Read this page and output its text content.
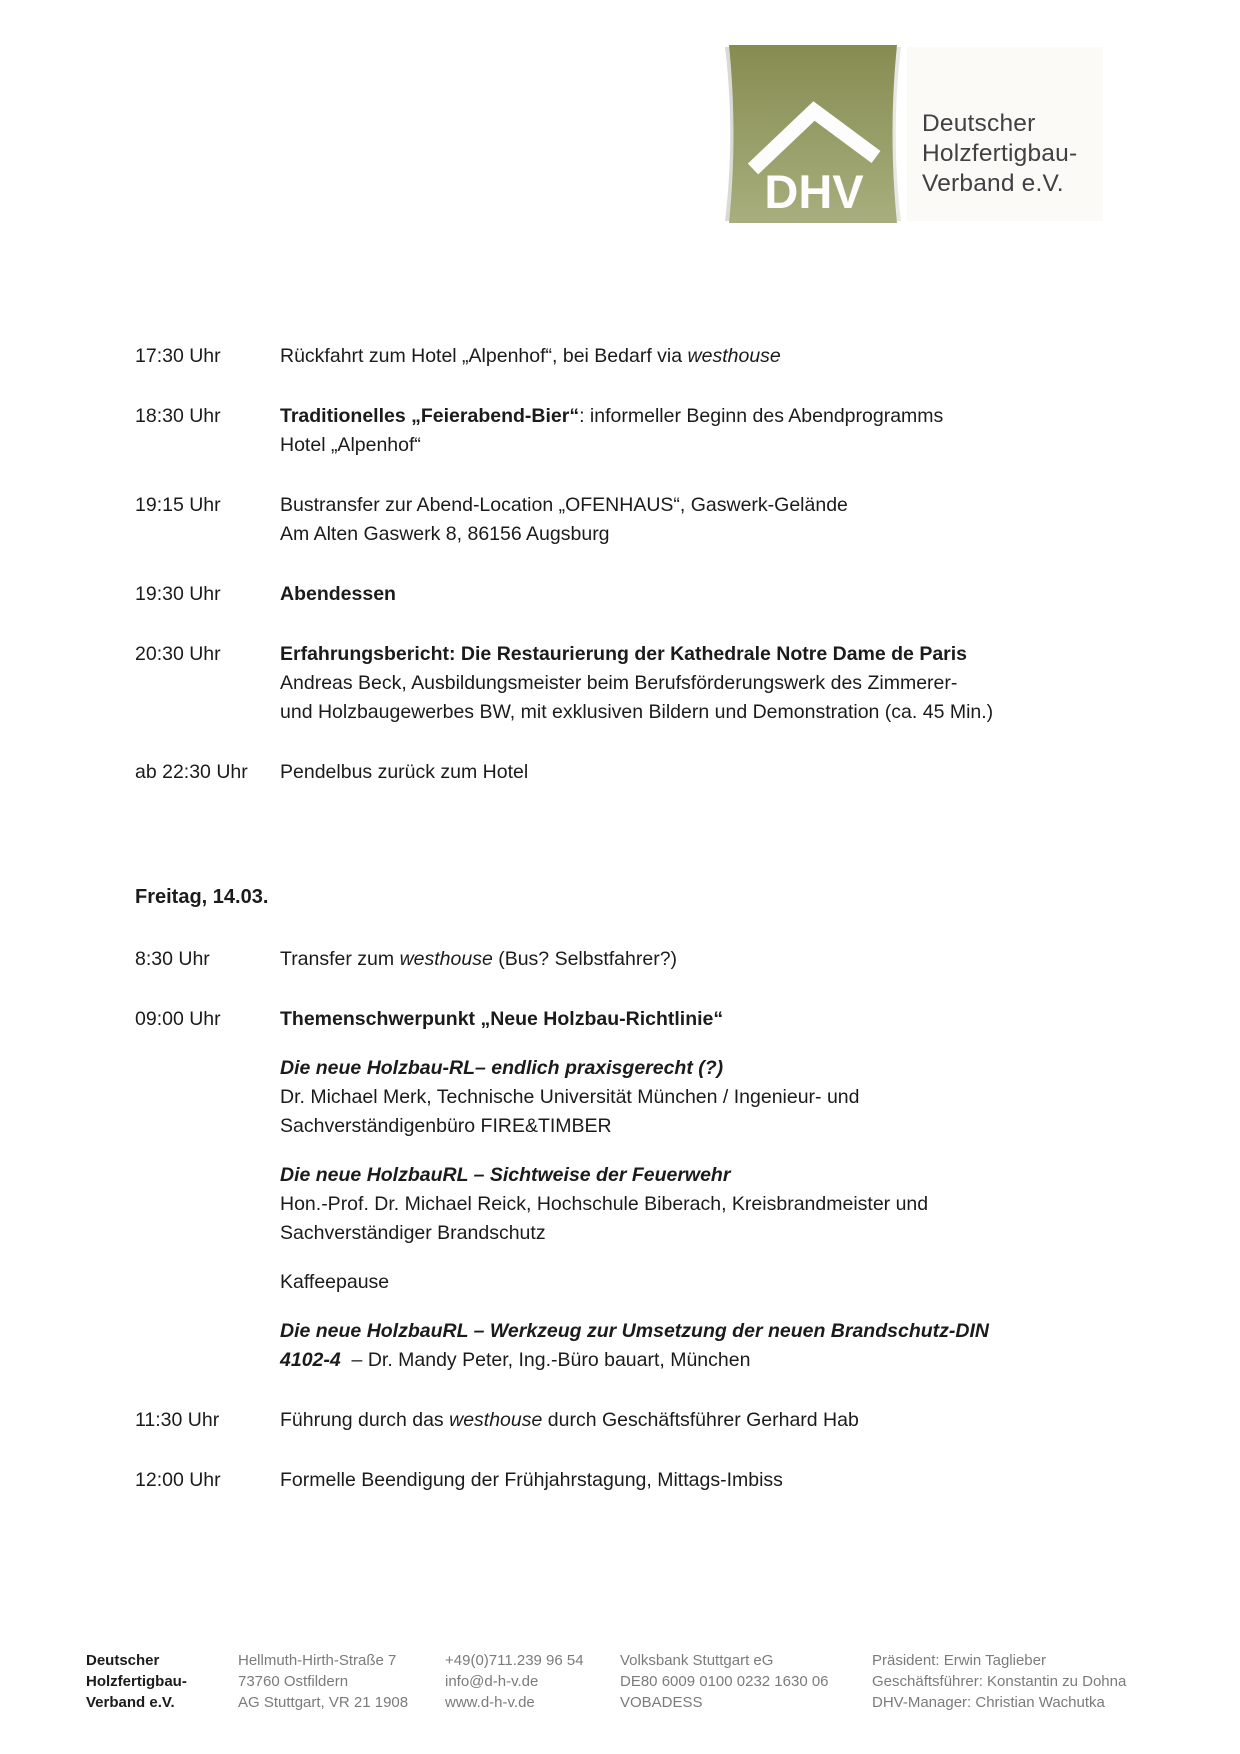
DHV
Deutscher
Holzfertigbau-
Verband e.V.
17:30 Uhr	Rückfahrt zum Hotel „Alpenhof“, bei Bedarf via westhouse
18:30 Uhr	Traditionelles „Feierabend-Bier“: informeller Beginn des Abendprogramms
Hotel „Alpenhof“
19:15 Uhr	Bustransfer zur Abend-Location „OFENHAUS“, Gaswerk-Gelände
Am Alten Gaswerk 8, 86156 Augsburg
19:30 Uhr	Abendessen
20:30 Uhr	Erfahrungsbericht: Die Restaurierung der Kathedrale Notre Dame de Paris
Andreas Beck, Ausbildungsmeister beim Berufsförderungswerk des Zimmerer-
und Holzbaugewerbes BW, mit exklusiven Bildern und Demonstration (ca. 45 Min.)
ab 22:30 Uhr	Pendelbus zurück zum Hotel
Freitag, 14.03.
8:30 Uhr	Transfer zum westhouse (Bus? Selbstfahrer?)
09:00 Uhr	Themenschwerpunkt „Neue Holzbau-Richtlinie“
Die neue Holzbau-RL– endlich praxisgerecht (?)
Dr. Michael Merk, Technische Universität München / Ingenieur- und
Sachverständigenbüro FIRE&TIMBER
Die neue HolzbauRL – Sichtweise der Feuerwehr
Hon.-Prof. Dr. Michael Reick, Hochschule Biberach, Kreisbrandmeister und
Sachverständiger Brandschutz
Kaffeepause
Die neue HolzbauRL – Werkzeug zur Umsetzung der neuen Brandschutz-DIN
4102-4  – Dr. Mandy Peter, Ing.-Büro bauart, München
11:30 Uhr	Führung durch das westhouse durch Geschäftsführer Gerhard Hab
12:00 Uhr	Formelle Beendigung der Frühjahrstagung, Mittags-Imbiss
Deutscher
Holzfertigbau-
Verband e.V.
Hellmuth-Hirth-Straße 7
73760 Ostfildern
AG Stuttgart, VR 21 1908
+49(0)711.239 96 54
info@d-h-v.de
www.d-h-v.de
Volksbank Stuttgart eG
DE80 6009 0100 0232 1630 06
VOBADESS
Präsident: Erwin Taglieber
Geschäftsführer: Konstantin zu Dohna
DHV-Manager: Christian Wachutka
